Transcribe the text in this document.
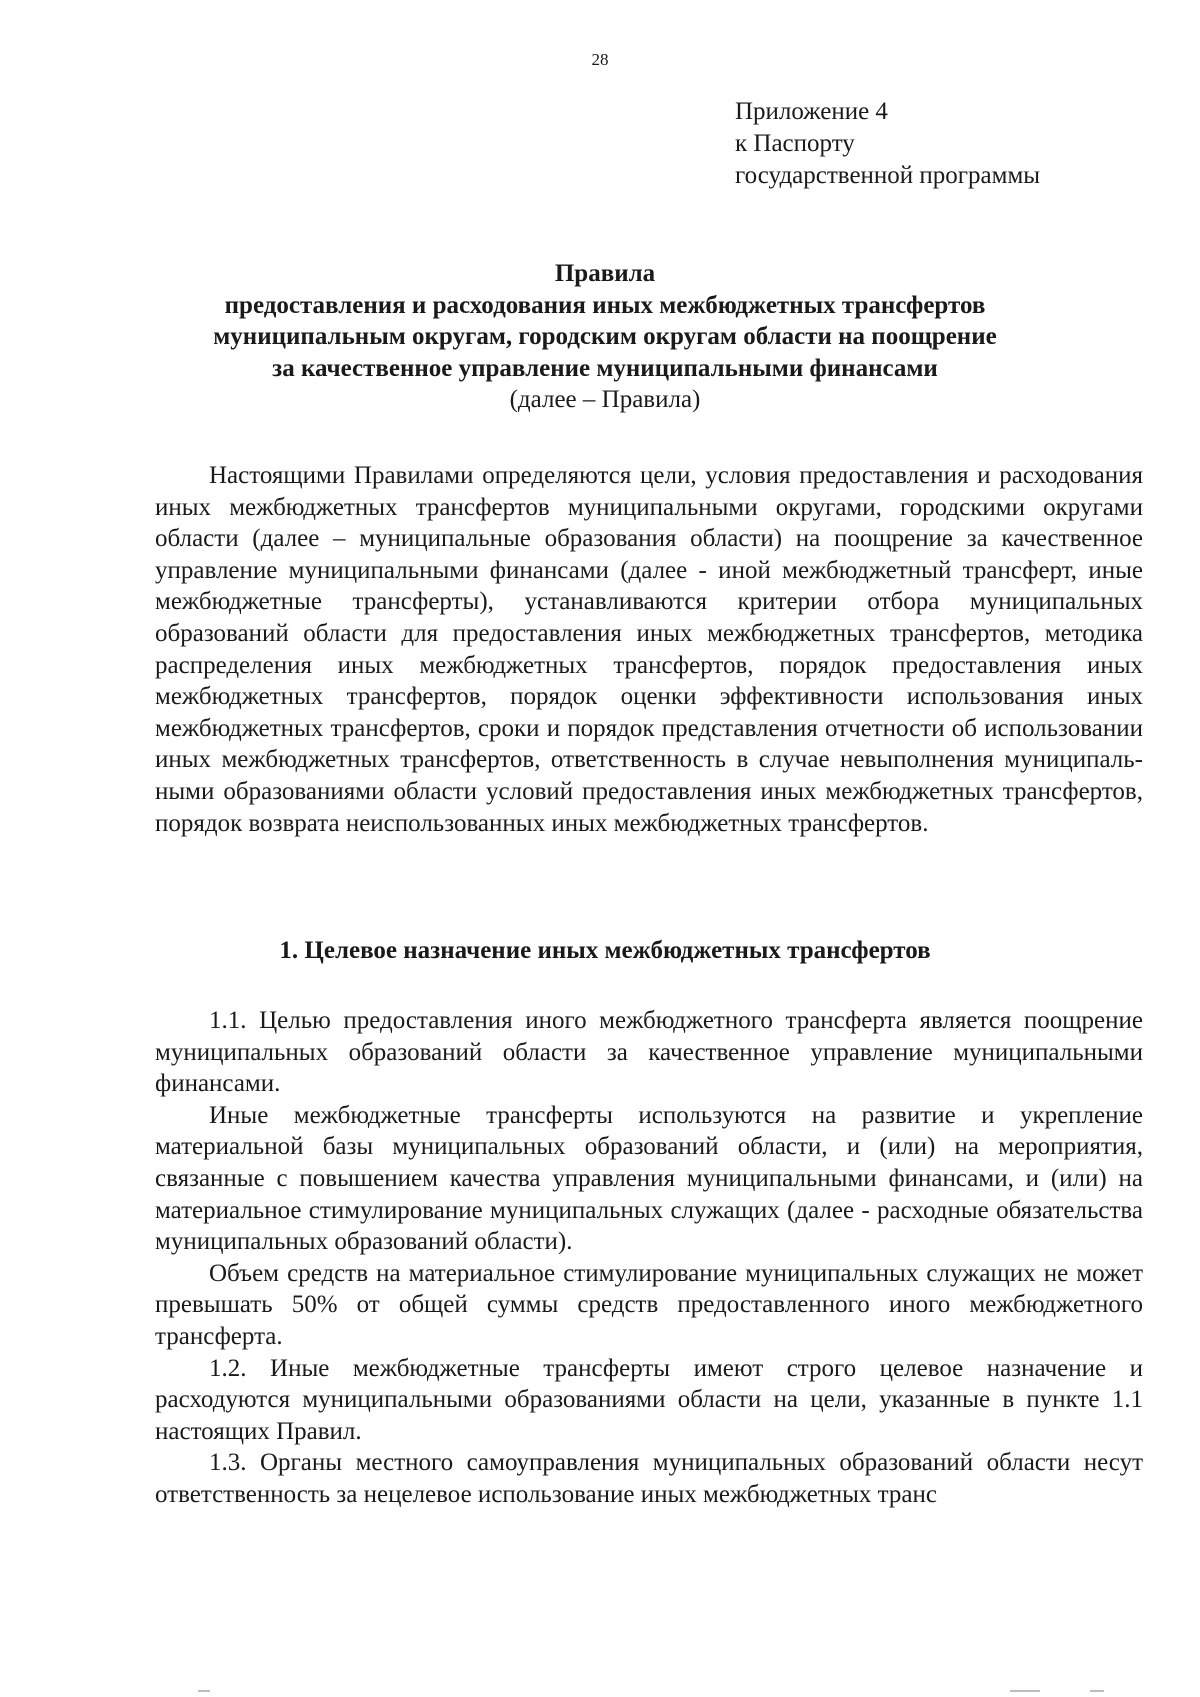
28
Приложение 4
к Паспорту
государственной программы
Правила
предоставления и расходования иных межбюджетных трансфертов
муниципальным округам, городским округам области на поощрение
за качественное управление муниципальными финансами
(далее – Правила)

Настоящими Правилами определяются цели, условия предоставления и расходования иных межбюджетных трансфертов муниципальными округами, городскими округами области (далее – муниципальные образования области) на поощрение за качественное управление муниципальными финансами (далее - иной межбюджетный трансферт, иные межбюджетные трансферты), устанавливаются критерии отбора муниципальных образований области для предоставления иных межбюджетных трансфертов, методика распределения иных межбюджетных трансфертов, порядок предоставления иных межбюджетных трансфертов, порядок оценки эффективности использования иных межбюджетных трансфертов, сроки и порядок представления отчетности об использовании иных межбюджетных трансфертов, ответственность в случае невыполнения муниципальными образованиями области условий предоставления иных межбюджетных трансфертов, порядок возврата неиспользованных иных межбюджетных трансфертов.

1. Целевое назначение иных межбюджетных трансфертов

1.1. Целью предоставления иного межбюджетного трансферта является поощрение муниципальных образований области за качественное управление муниципальными финансами.

Иные межбюджетные трансферты используются на развитие и укрепление материальной базы муниципальных образований области, и (или) на мероприятия, связанные с повышением качества управления муниципальными финансами, и (или) на материальное стимулирование муниципальных служащих (далее - расходные обязательства муниципальных образований области).

Объем средств на материальное стимулирование муниципальных служащих не может превышать 50% от общей суммы средств предоставленного иного межбюджетного трансферта.

1.2. Иные межбюджетные трансферты имеют строго целевое назначение и расходуются муниципальными образованиями области на цели, указанные в пункте 1.1 настоящих Правил.

1.3. Органы местного самоуправления муниципальных образований области несут ответственность за нецелевое использование иных межбюджетных транс
